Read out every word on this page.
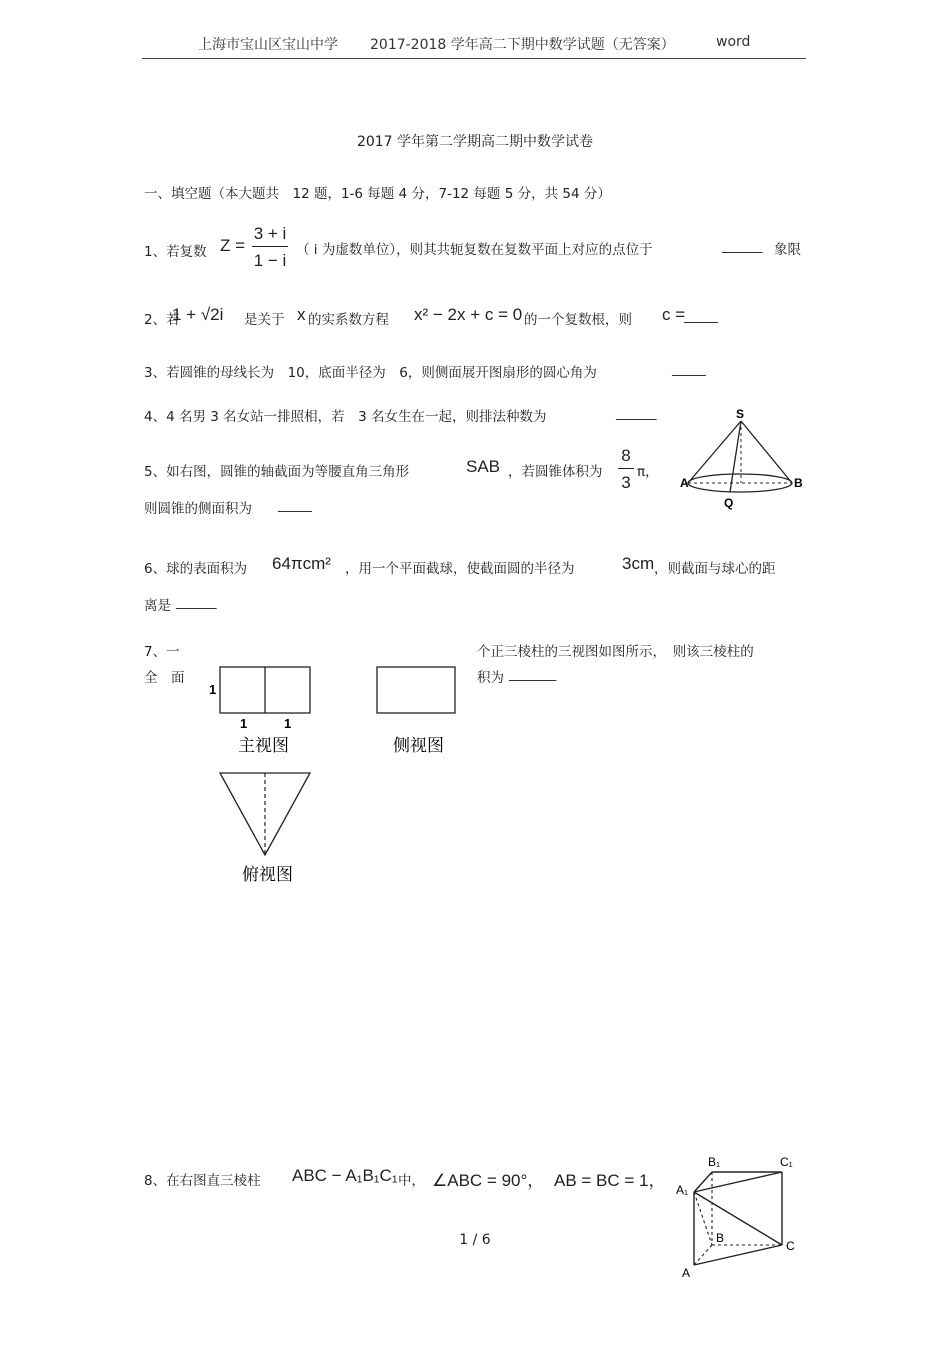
上海市宝山区宝山中学 2017-2018 学年高二下期中数学试题（无答案）	word
2017 学年第二学期高二期中数学试卷
一、填空题（本大题共　12 题，1-6 每题 4 分，7-12 每题 5 分，共 54 分）
1、若复数 Z =
3 + i
1 − i
（ i 为虚数单位），则其共轭复数在复数平面上对应的点位于	______ 象限
2、若
1 + √2i 是关于 x 的实系数方程 x² − 2x + c = 0 的一个复数根，则 c =
_____
3、若圆锥的母线长为　10，底面半径为　6，则侧面展开图扇形的圆心角为	_____
4、4 名男 3 名女站一排照相，若　3 名女生在一起，则排法种数为	______
5、如右图，圆锥的轴截面为等腰直角三角形	SAB ，若圆锥体积为
8
3
π，
则圆锥的侧面积为 _____
S
A	B
Q
6、球的表面积为 64πcm² ，用一个平面截球，使截面圆的半径为	3cm ，则截面与球心的距
离是 ______
7、一
全　面
个正三棱柱的三视图如图所示，　则该三棱柱的
积为 _______
1
1	1
主视图	侧视图
俯视图
8、在右图直三棱柱 ABC − A₁B₁C₁ 中， ∠ABC = 90°， AB = BC = 1，
B₁	C₁
A₁
B
C
A
1 / 6
